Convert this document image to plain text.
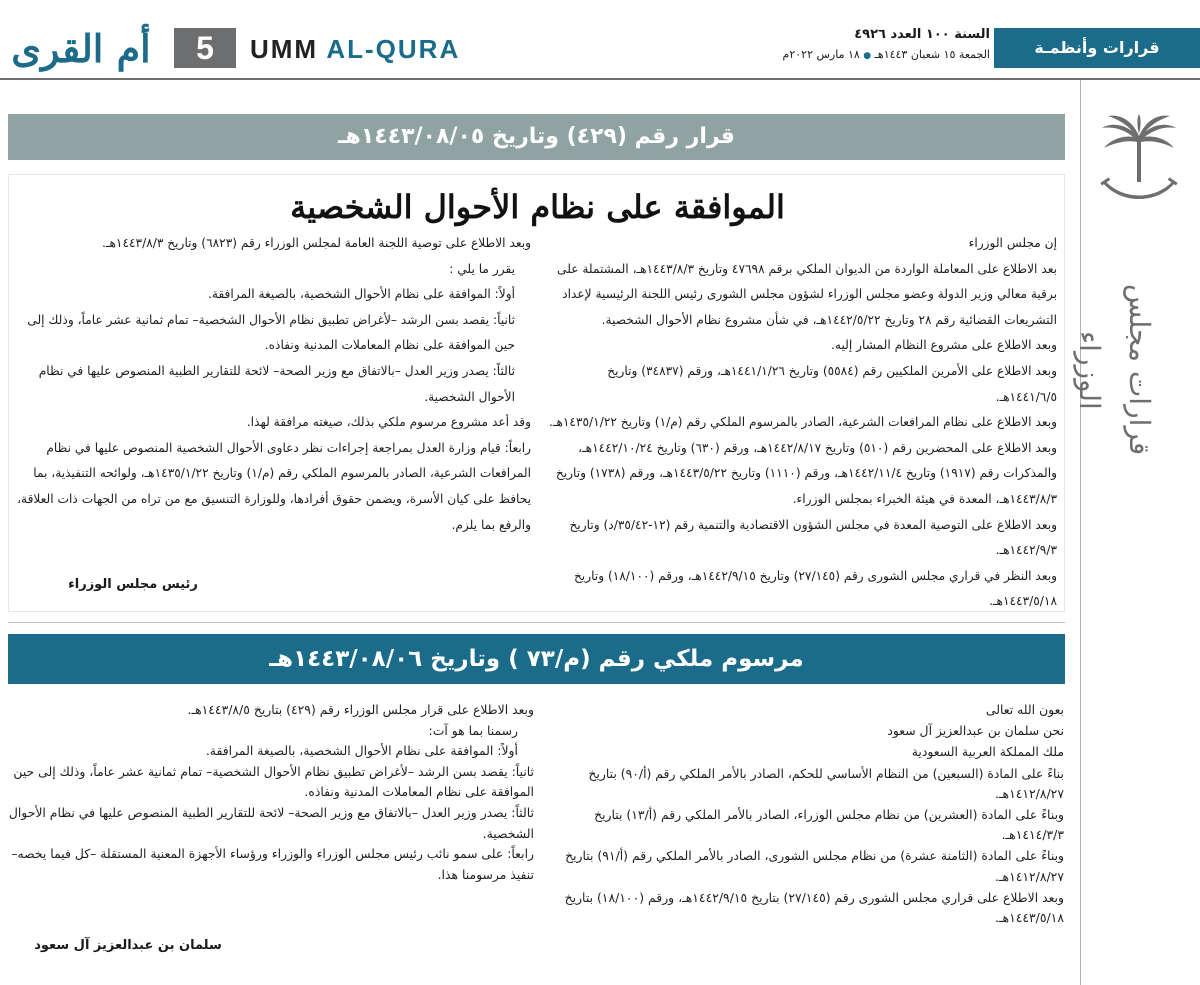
أم القرى	5	UMM AL-QURA	السنة ١٠٠ العدد ٤٩٢٦
الجمعة ١٥ شعبان ١٤٤٣هـ ● ١٨ مارس ٢٠٢٢م	قرارات وأنظمـة
قرارات مجلس الوزراء
قرار رقم (٤٢٩) وتاريخ ١٤٤٣/٠٨/٠٥هـ
الموافقة على نظام الأحوال الشخصية

إن مجلس الوزراء

بعد الاطلاع على المعاملة الواردة من الديوان الملكي برقم ٤٧٦٩٨ وتاريخ ١٤٤٣/٨/٣هـ، المشتملة على برقية معالي وزير الدولة وعضو مجلس الوزراء لشؤون مجلس الشورى رئيس اللجنة الرئيسية لإعداد التشريعات القضائية رقم ٢٨ وتاريخ ١٤٤٢/٥/٢٢هـ، في شأن مشروع نظام الأحوال الشخصية.

وبعد الاطلاع على مشروع النظام المشار إليه.

وبعد الاطلاع على الأمرين الملكيين رقم (٥٥٨٤) وتاريخ ١٤٤١/١/٢٦هـ، ورقم (٣٤٨٣٧) وتاريخ ١٤٤١/٦/٥هـ.

وبعد الاطلاع على نظام المرافعات الشرعية، الصادر بالمرسوم الملكي رقم (م/١) وتاريخ ١٤٣٥/١/٢٢هـ.

وبعد الاطلاع على المحضرين رقم (٥١٠) وتاريخ ١٤٤٢/٨/١٧هـ، ورقم (٦٣٠) وتاريخ ١٤٤٢/١٠/٢٤هـ، والمذكرات رقم (١٩١٧) وتاريخ ١٤٤٢/١١/٤هـ، ورقم (١١١٠) وتاريخ ١٤٤٣/٥/٢٢هـ، ورقم (١٧٣٨) وتاريخ ١٤٤٣/٨/٣هـ، المعدة في هيئة الخبراء بمجلس الوزراء.

وبعد الاطلاع على التوصية المعدة في مجلس الشؤون الاقتصادية والتنمية رقم (١٢-٣٥/٤٢/د) وتاريخ ١٤٤٢/٩/٣هـ.

وبعد النظر في قراري مجلس الشورى رقم (٢٧/١٤٥) وتاريخ ١٤٤٢/٩/١٥هـ، ورقم (١٨/١٠٠) وتاريخ ١٤٤٣/٥/١٨هـ.

وبعد الاطلاع على توصية اللجنة العامة لمجلس الوزراء رقم (٦٨٢٣) وتاريخ ١٤٤٣/٨/٣هـ.

يقرر ما يلي :

أولاً: الموافقة على نظام الأحوال الشخصية، بالصيغة المرافقة.

ثانياً: يقصد بسن الرشد –لأغراض تطبيق نظام الأحوال الشخصية– تمام ثمانية عشر عاماً، وذلك إلى حين الموافقة على نظام المعاملات المدنية ونفاذه.

ثالثاً: يصدر وزير العدل –بالاتفاق مع وزير الصحة– لائحة للتقارير الطبية المنصوص عليها في نظام الأحوال الشخصية.

وقد أعد مشروع مرسوم ملكي بذلك، صيغته مرافقة لهذا.

رابعاً: قيام وزارة العدل بمراجعة إجراءات نظر دعاوى الأحوال الشخصية المنصوص عليها في نظام المرافعات الشرعية، الصادر بالمرسوم الملكي رقم (م/١) وتاريخ ١٤٣٥/١/٢٢هـ، ولوائحه التنفيذية، بما يحافظ على كيان الأسرة، ويضمن حقوق أفرادها، وللوزارة التنسيق مع من تراه من الجهات ذات العلاقة، والرفع بما يلزم.

رئيس مجلس الوزراء
مرسوم ملكي رقم (م/٧٣ ) وتاريخ ١٤٤٣/٠٨/٠٦هـ

بعون الله تعالى

نحن سلمان بن عبدالعزيز آل سعود

ملك المملكة العربية السعودية

بناءً على المادة (السبعين) من النظام الأساسي للحكم، الصادر بالأمر الملكي رقم (أ/٩٠) بتاريخ ١٤١٢/٨/٢٧هـ.

وبناءً على المادة (العشرين) من نظام مجلس الوزراء، الصادر بالأمر الملكي رقم (أ/١٣) بتاريخ ١٤١٤/٣/٣هـ.

وبناءً على المادة (الثامنة عشرة) من نظام مجلس الشورى، الصادر بالأمر الملكي رقم (أ/٩١) بتاريخ ١٤١٢/٨/٢٧هـ.

وبعد الاطلاع على قراري مجلس الشورى رقم (٢٧/١٤٥) بتاريخ ١٤٤٢/٩/١٥هـ، ورقم (١٨/١٠٠) بتاريخ ١٤٤٣/٥/١٨هـ.

وبعد الاطلاع على قرار مجلس الوزراء رقم (٤٢٩) بتاريخ ١٤٤٣/٨/٥هـ.

رسمنا بما هو آت:

أولاً: الموافقة على نظام الأحوال الشخصية، بالصيغة المرافقة.

ثانياً: يقصد بسن الرشد –لأغراض تطبيق نظام الأحوال الشخصية– تمام ثمانية عشر عاماً، وذلك إلى حين الموافقة على نظام المعاملات المدنية ونفاذه.

ثالثاً: يصدر وزير العدل –بالاتفاق مع وزير الصحة– لائحة للتقارير الطبية المنصوص عليها في نظام الأحوال الشخصية.

رابعاً: على سمو نائب رئيس مجلس الوزراء والوزراء ورؤساء الأجهزة المعنية المستقلة –كل فيما يخصه– تنفيذ مرسومنا هذا.

سلمان بن عبدالعزيز آل سعود
